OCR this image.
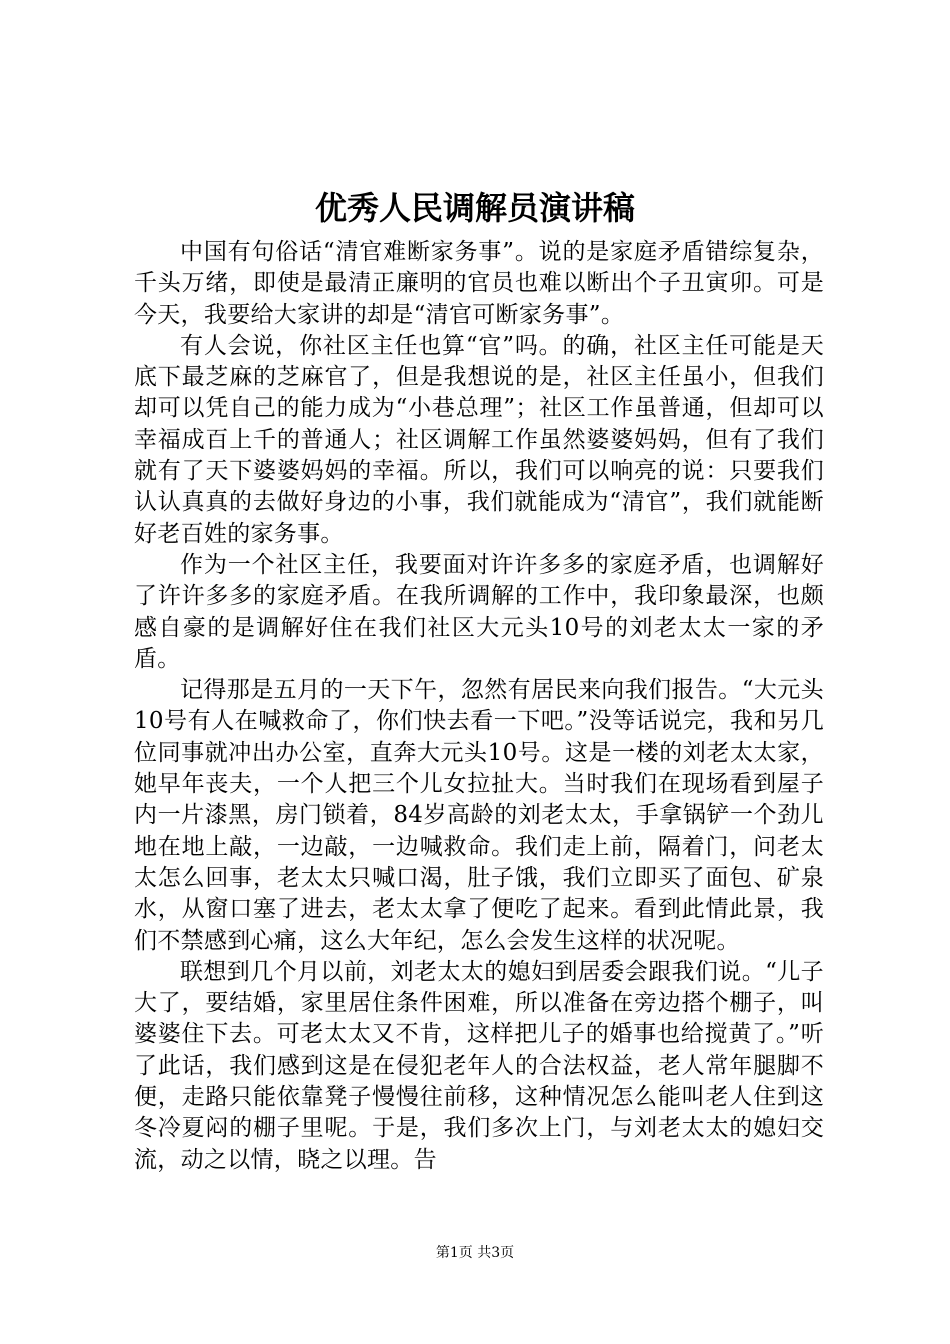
优秀人民调解员演讲稿

中国有句俗话“清官难断家务事”。说的是家庭矛盾错综复杂，千头万绪，即使是最清正廉明的官员也难以断出个子丑寅卯。可是今天，我要给大家讲的却是“清官可断家务事”。

有人会说，你社区主任也算“官”吗。的确，社区主任可能是天底下最芝麻的芝麻官了，但是我想说的是，社区主任虽小，但我们却可以凭自己的能力成为“小巷总理”；社区工作虽普通，但却可以幸福成百上千的普通人；社区调解工作虽然婆婆妈妈，但有了我们就有了天下婆婆妈妈的幸福。所以，我们可以响亮的说：只要我们认认真真的去做好身边的小事，我们就能成为“清官”，我们就能断好老百姓的家务事。

作为一个社区主任，我要面对许许多多的家庭矛盾，也调解好了许许多多的家庭矛盾。在我所调解的工作中，我印象最深，也颇感自豪的是调解好住在我们社区大元头10号的刘老太太一家的矛盾。

记得那是五月的一天下午，忽然有居民来向我们报告。“大元头10号有人在喊救命了，你们快去看一下吧。”没等话说完，我和另几位同事就冲出办公室，直奔大元头10号。这是一楼的刘老太太家，她早年丧夫，一个人把三个儿女拉扯大。当时我们在现场看到屋子内一片漆黑，房门锁着，84岁高龄的刘老太太，手拿锅铲一个劲儿地在地上敲，一边敲，一边喊救命。我们走上前，隔着门，问老太太怎么回事，老太太只喊口渴，肚子饿，我们立即买了面包、矿泉水，从窗口塞了进去，老太太拿了便吃了起来。看到此情此景，我们不禁感到心痛，这么大年纪，怎么会发生这样的状况呢。

联想到几个月以前，刘老太太的媳妇到居委会跟我们说。“儿子大了，要结婚，家里居住条件困难，所以准备在旁边搭个棚子，叫婆婆住下去。可老太太又不肯，这样把儿子的婚事也给搅黄了。”听了此话，我们感到这是在侵犯老年人的合法权益，老人常年腿脚不便，走路只能依靠凳子慢慢往前移，这种情况怎么能叫老人住到这冬冷夏闷的棚子里呢。于是，我们多次上门，与刘老太太的媳妇交流，动之以情，晓之以理。告

第1页 共3页
